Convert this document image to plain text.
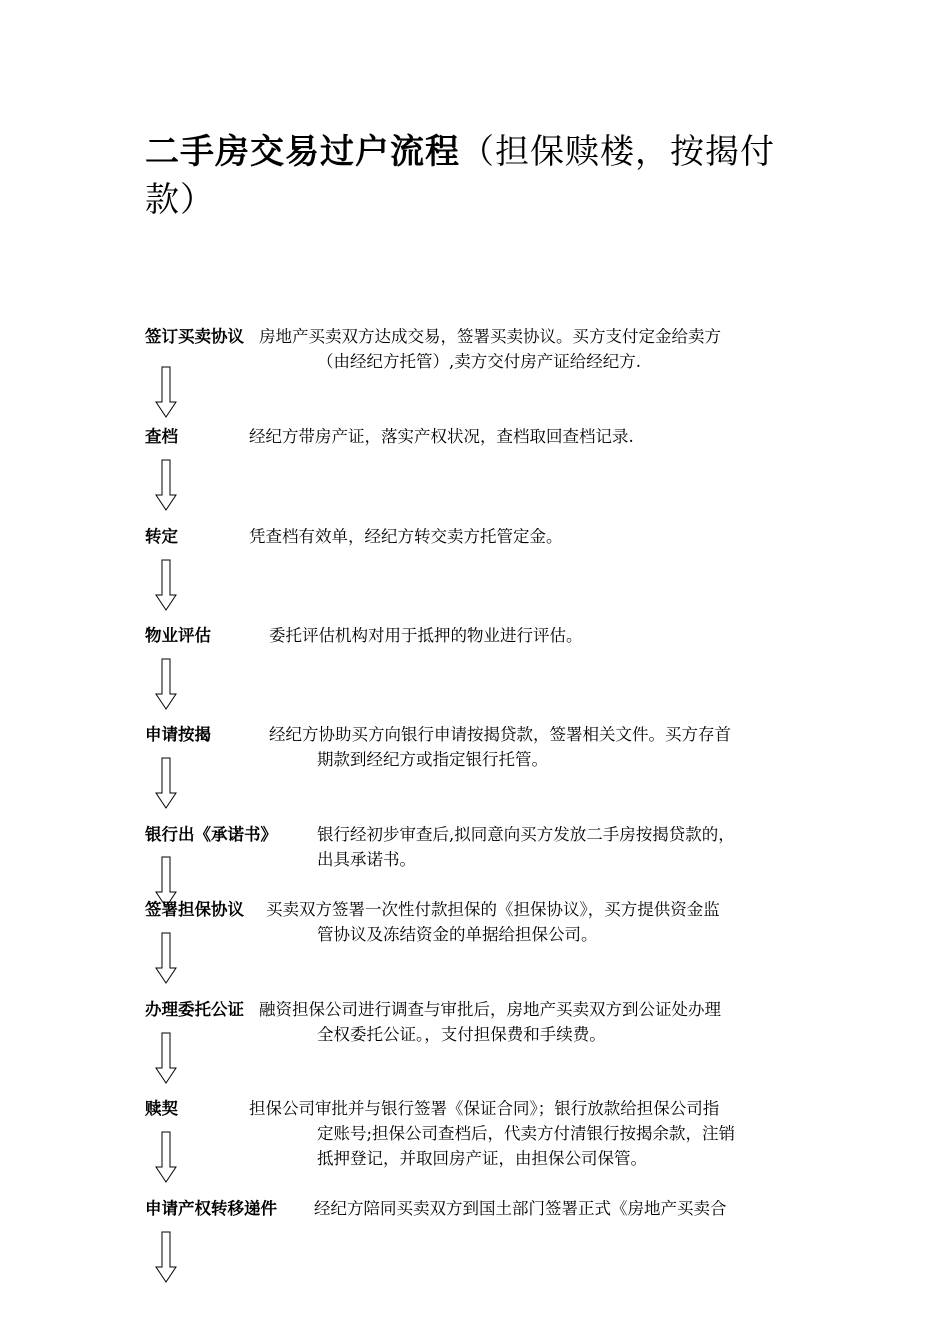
二手房交易过户流程（担保赎楼，按揭付款）
签订买卖协议 房地产买卖双方达成交易，签署买卖协议。买方支付定金给卖方
（由经纪方托管）,卖方交付房产证给经纪方.
查档	经纪方带房产证，落实产权状况，查档取回查档记录.
转定	凭查档有效单，经纪方转交卖方托管定金。
物业评估	委托评估机构对用于抵押的物业进行评估。
申请按揭	经纪方协助买方向银行申请按揭贷款，签署相关文件。买方存首
期款到经纪方或指定银行托管。
银行出《承诺书》 银行经初步审查后,拟同意向买方发放二手房按揭贷款的，
出具承诺书。
签署担保协议 买卖双方签署一次性付款担保的《担保协议》，买方提供资金监
管协议及冻结资金的单据给担保公司。
办理委托公证 融资担保公司进行调查与审批后，房地产买卖双方到公证处办理
全权委托公证。，支付担保费和手续费。
赎契	担保公司审批并与银行签署《保证合同》；银行放款给担保公司指
定账号;担保公司查档后，代卖方付清银行按揭余款，注销
抵押登记，并取回房产证，由担保公司保管。
申请产权转移递件 经纪方陪同买卖双方到国土部门签署正式《房地产买卖合
